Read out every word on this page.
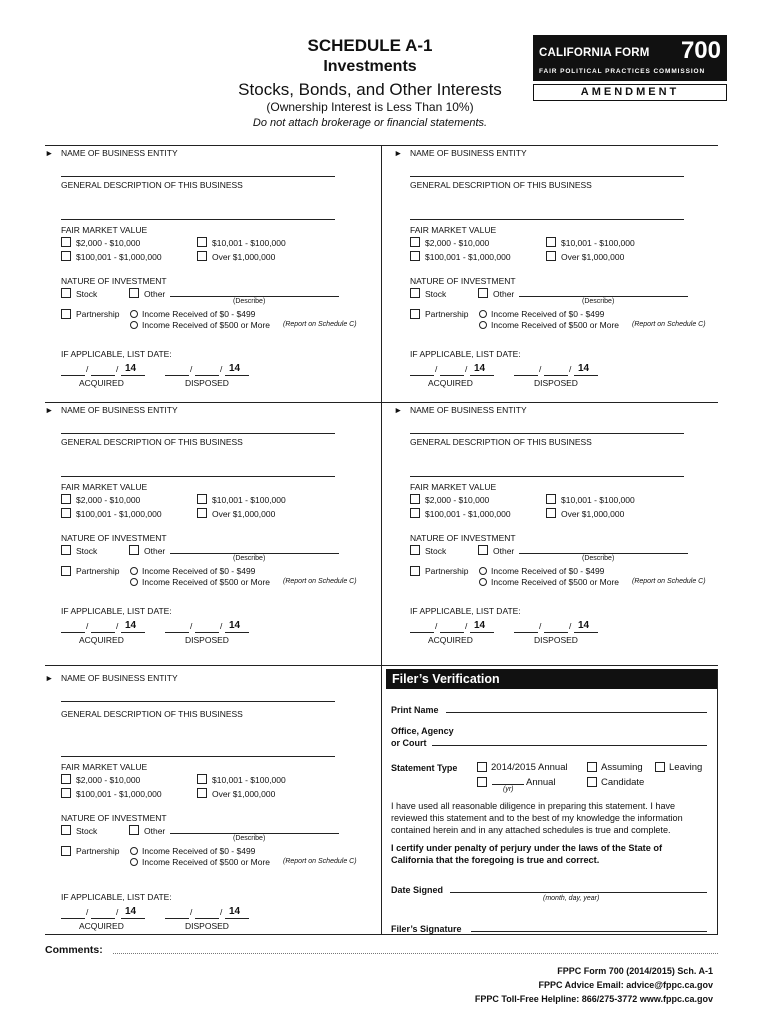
SCHEDULE A-1
Investments
Stocks, Bonds, and Other Interests
(Ownership Interest is Less Than 10%)
Do not attach brokerage or financial statements.
CALIFORNIA FORM 700
FAIR POLITICAL PRACTICES COMMISSION
AMENDMENT
► NAME OF BUSINESS ENTITY
GENERAL DESCRIPTION OF THIS BUSINESS
FAIR MARKET VALUE
$2,000 - $10,000	$10,001 - $100,000
$100,001 - $1,000,000	Over $1,000,000
NATURE OF INVESTMENT
Stock	Other
(Describe)
Partnership	Income Received of $0 - $499
Income Received of $500 or More (Report on Schedule C)
IF APPLICABLE, LIST DATE:
/	/ 14
ACQUIRED
/	/ 14
DISPOSED
► NAME OF BUSINESS ENTITY
GENERAL DESCRIPTION OF THIS BUSINESS
FAIR MARKET VALUE
$2,000 - $10,000	$10,001 - $100,000
$100,001 - $1,000,000	Over $1,000,000
NATURE OF INVESTMENT
Stock	Other
(Describe)
Partnership	Income Received of $0 - $499
Income Received of $500 or More (Report on Schedule C)
IF APPLICABLE, LIST DATE:
/	/ 14
ACQUIRED
/	/ 14
DISPOSED
► NAME OF BUSINESS ENTITY
GENERAL DESCRIPTION OF THIS BUSINESS
FAIR MARKET VALUE
$2,000 - $10,000	$10,001 - $100,000
$100,001 - $1,000,000	Over $1,000,000
NATURE OF INVESTMENT
Stock	Other
(Describe)
Partnership	Income Received of $0 - $499
Income Received of $500 or More (Report on Schedule C)
IF APPLICABLE, LIST DATE:
/	/ 14
ACQUIRED
/	/ 14
DISPOSED
► NAME OF BUSINESS ENTITY
GENERAL DESCRIPTION OF THIS BUSINESS
FAIR MARKET VALUE
$2,000 - $10,000	$10,001 - $100,000
$100,001 - $1,000,000	Over $1,000,000
NATURE OF INVESTMENT
Stock	Other
(Describe)
Partnership	Income Received of $0 - $499
Income Received of $500 or More (Report on Schedule C)
IF APPLICABLE, LIST DATE:
/	/ 14
ACQUIRED
/	/ 14
DISPOSED
► NAME OF BUSINESS ENTITY
GENERAL DESCRIPTION OF THIS BUSINESS
FAIR MARKET VALUE
$2,000 - $10,000	$10,001 - $100,000
$100,001 - $1,000,000	Over $1,000,000
NATURE OF INVESTMENT
Stock	Other
(Describe)
Partnership	Income Received of $0 - $499
Income Received of $500 or More (Report on Schedule C)
IF APPLICABLE, LIST DATE:
/	/ 14
ACQUIRED
/	/ 14
DISPOSED
Filer’s Verification
Print Name
Office, Agency
or Court
Statement Type	2014/2015 Annual	Assuming	Leaving
Annual
(yr)
Candidate
I have used all reasonable diligence in preparing this statement. I have
reviewed this statement and to the best of my knowledge the information
contained herein and in any attached schedules is true and complete.
I certify under penalty of perjury under the laws of the State of
California that the foregoing is true and correct.
Date Signed
(month, day, year)
Filer’s Signature
Comments:
FPPC Form 700 (2014/2015) Sch. A-1
FPPC Advice Email: advice@fppc.ca.gov
FPPC Toll-Free Helpline: 866/275-3772 www.fppc.ca.gov
